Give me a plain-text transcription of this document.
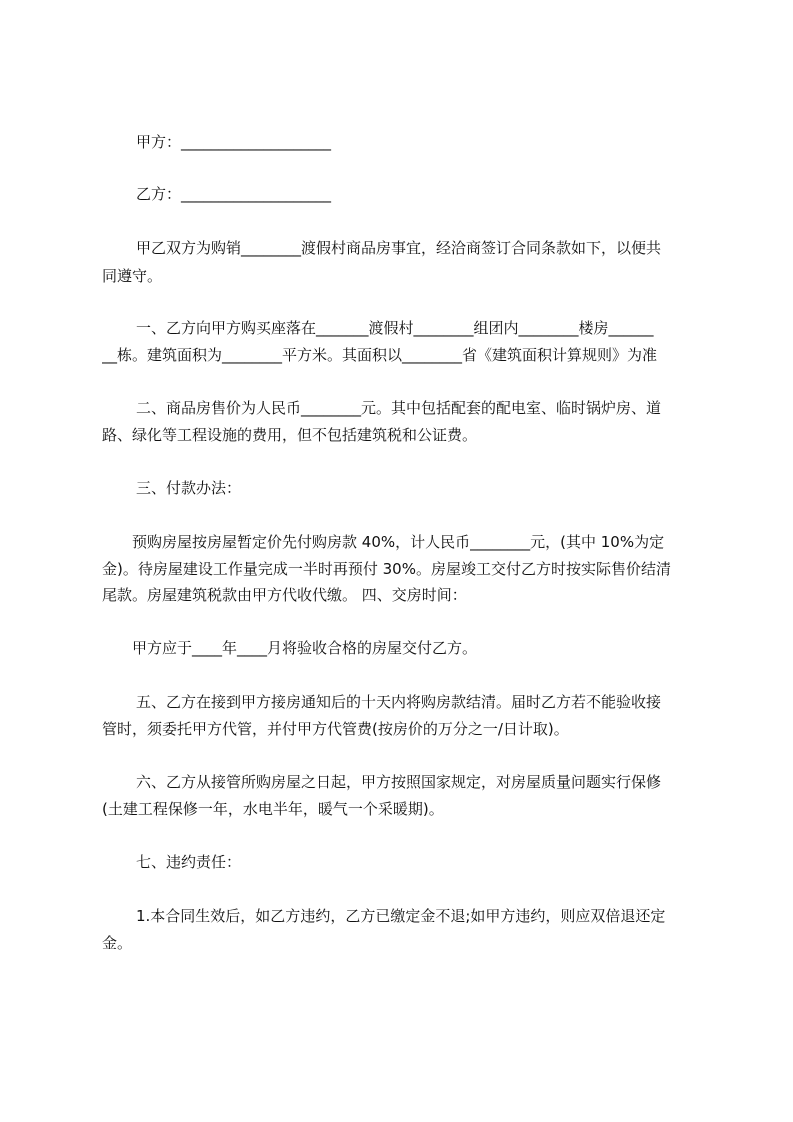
甲方：____________________
乙方：____________________
甲乙双方为购销________渡假村商品房事宜，经洽商签订合同条款如下，以便共
同遵守。
一、乙方向甲方购买座落在_______渡假村________组团内________楼房______
__栋。建筑面积为________平方米。其面积以________省《建筑面积计算规则》为准
二、商品房售价为人民币________元。其中包括配套的配电室、临时锅炉房、道
路、绿化等工程设施的费用，但不包括建筑税和公证费。
三、付款办法：
预购房屋按房屋暂定价先付购房款 40%，计人民币________元，(其中 10%为定
金)。待房屋建设工作量完成一半时再预付 30%。房屋竣工交付乙方时按实际售价结清
尾款。房屋建筑税款由甲方代收代缴。 四、交房时间：
甲方应于____年____月将验收合格的房屋交付乙方。
五、乙方在接到甲方接房通知后的十天内将购房款结清。届时乙方若不能验收接
管时，须委托甲方代管，并付甲方代管费(按房价的万分之一/日计取)。
六、乙方从接管所购房屋之日起，甲方按照国家规定，对房屋质量问题实行保修
(土建工程保修一年，水电半年，暖气一个采暖期)。
七、违约责任：
1.本合同生效后，如乙方违约，乙方已缴定金不退;如甲方违约，则应双倍退还定
金。
